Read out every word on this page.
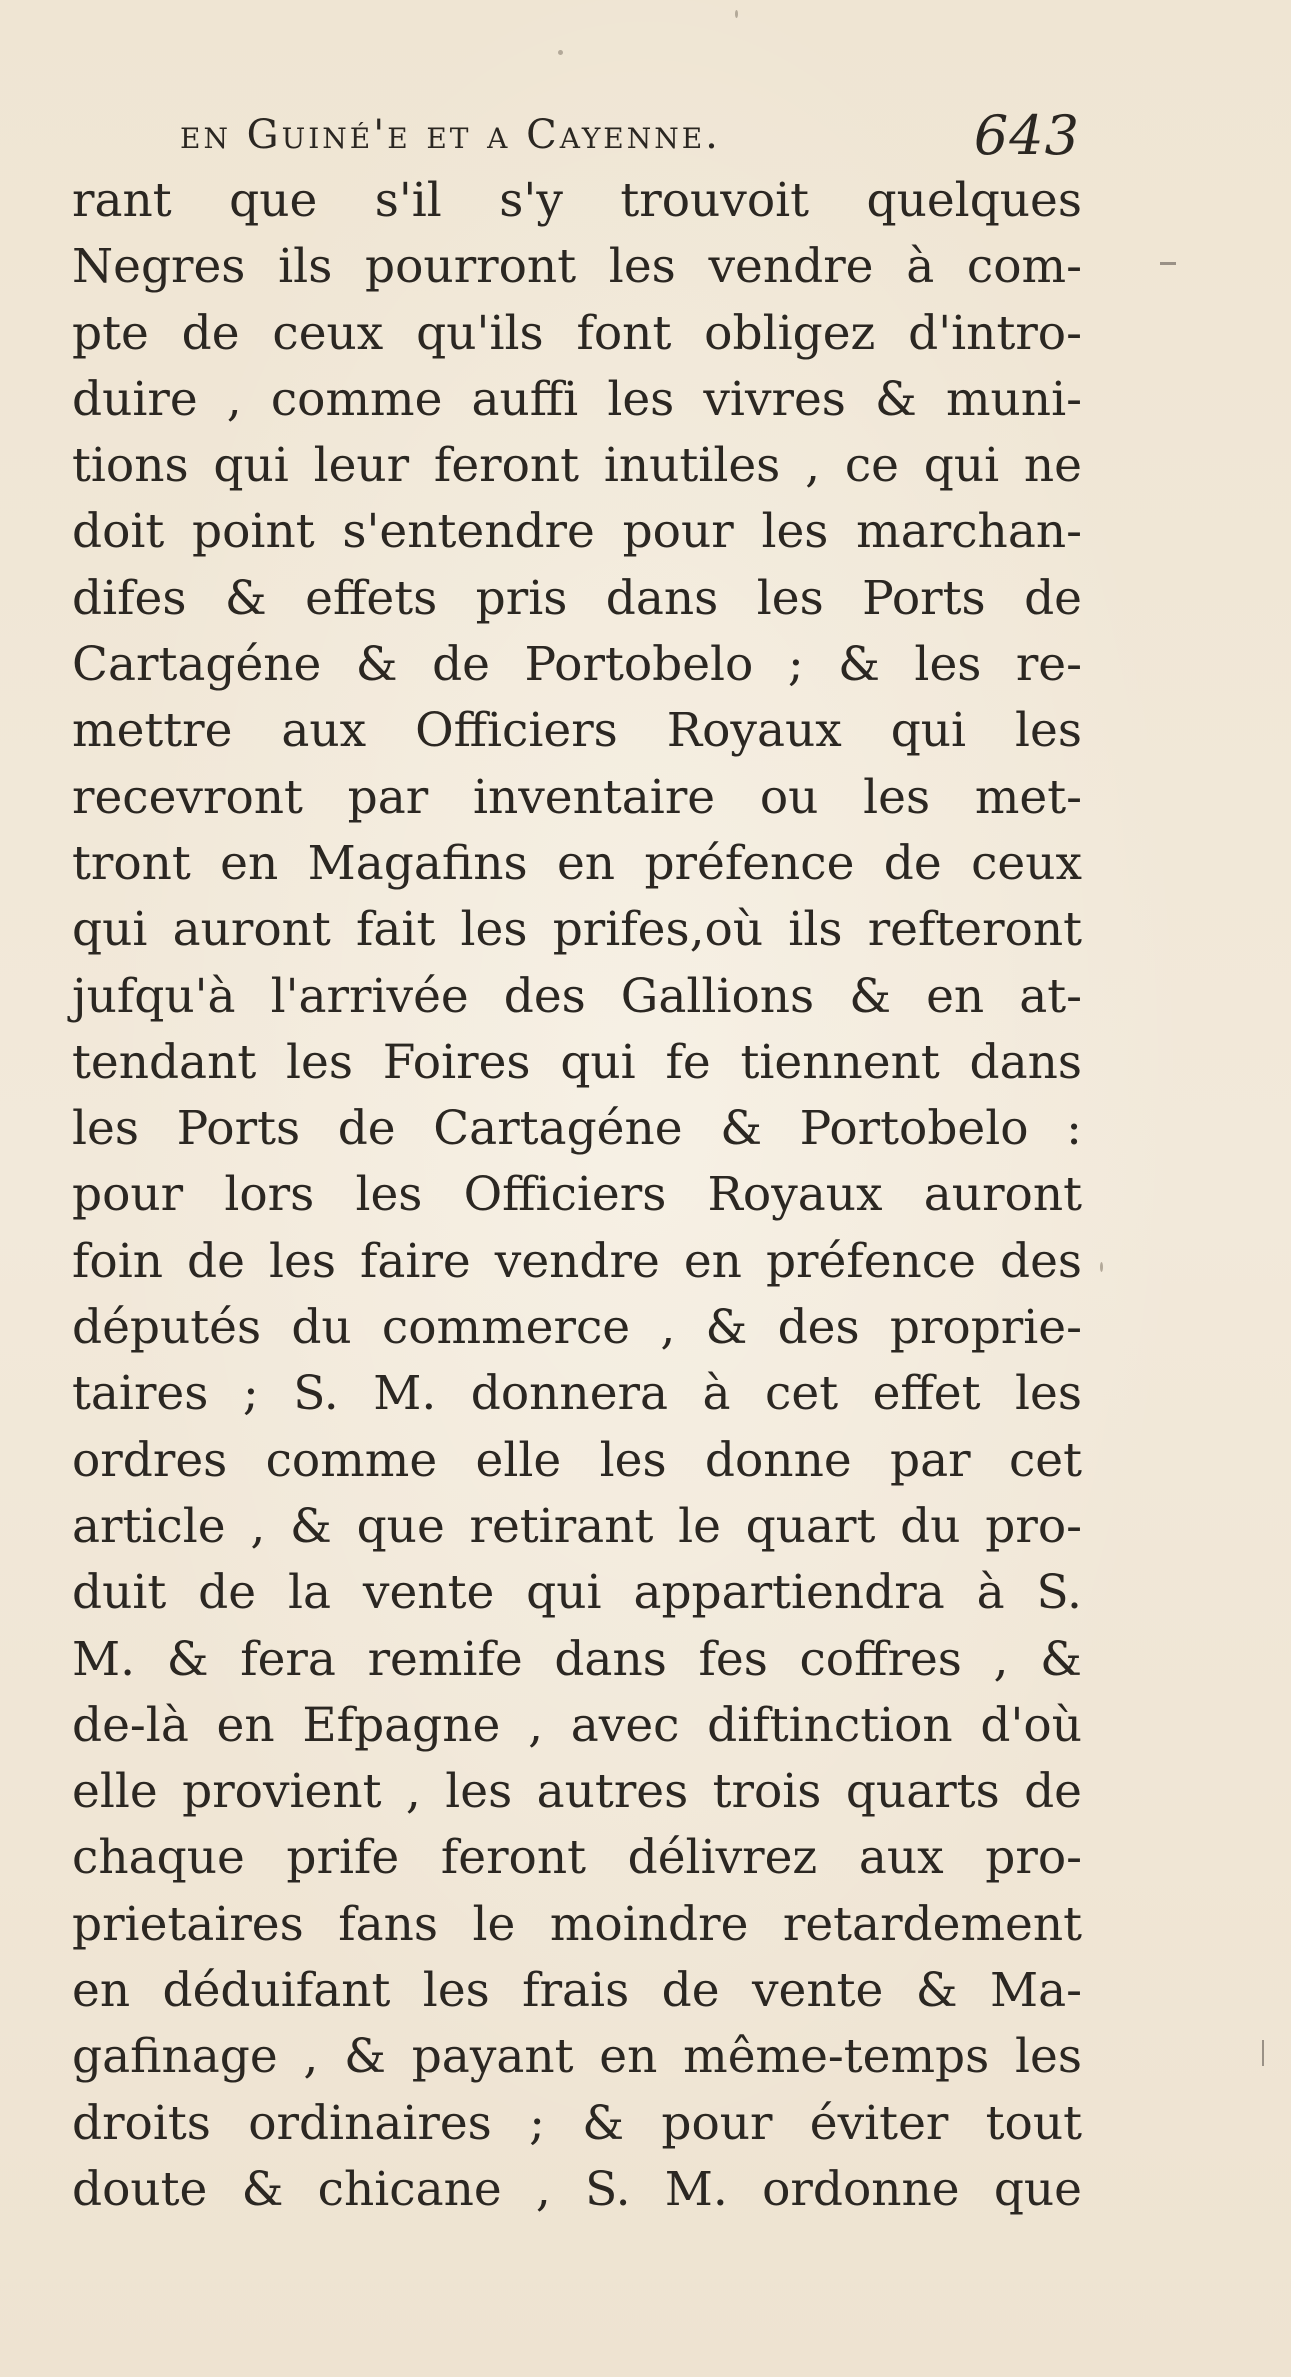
en Guiné'e et a Cayenne.	643
rant que s'il s'y trouvoit quelques
Negres ils pourront les vendre à com-
pte de ceux qu'ils font obligez d'intro-
duire , comme auffi les vivres & muni-
tions qui leur feront inutiles , ce qui ne
doit point s'entendre pour les marchan-
difes & effets pris dans les Ports de
Cartagéne & de Portobelo ; & les re-
mettre aux Officiers Royaux qui les
recevront par inventaire ou les met-
tront en Magafins en préfence de ceux
qui auront fait les prifes,où ils refteront
jufqu'à l'arrivée des Gallions & en at-
tendant les Foires qui fe tiennent dans
les Ports de Cartagéne & Portobelo :
pour lors les Officiers Royaux auront
foin de les faire vendre en préfence des
députés du commerce , & des proprie-
taires ; S. M. donnera à cet effet les
ordres comme elle les donne par cet
article , & que retirant le quart du pro-
duit de la vente qui appartiendra à S.
M. & fera remife dans fes coffres , &
de-là en Efpagne , avec diftinction d'où
elle provient , les autres trois quarts de
chaque prife feront délivrez aux pro-
prietaires fans le moindre retardement
en déduifant les frais de vente & Ma-
gafinage , & payant en même-temps les
droits ordinaires ; & pour éviter tout
doute & chicane , S. M. ordonne que
